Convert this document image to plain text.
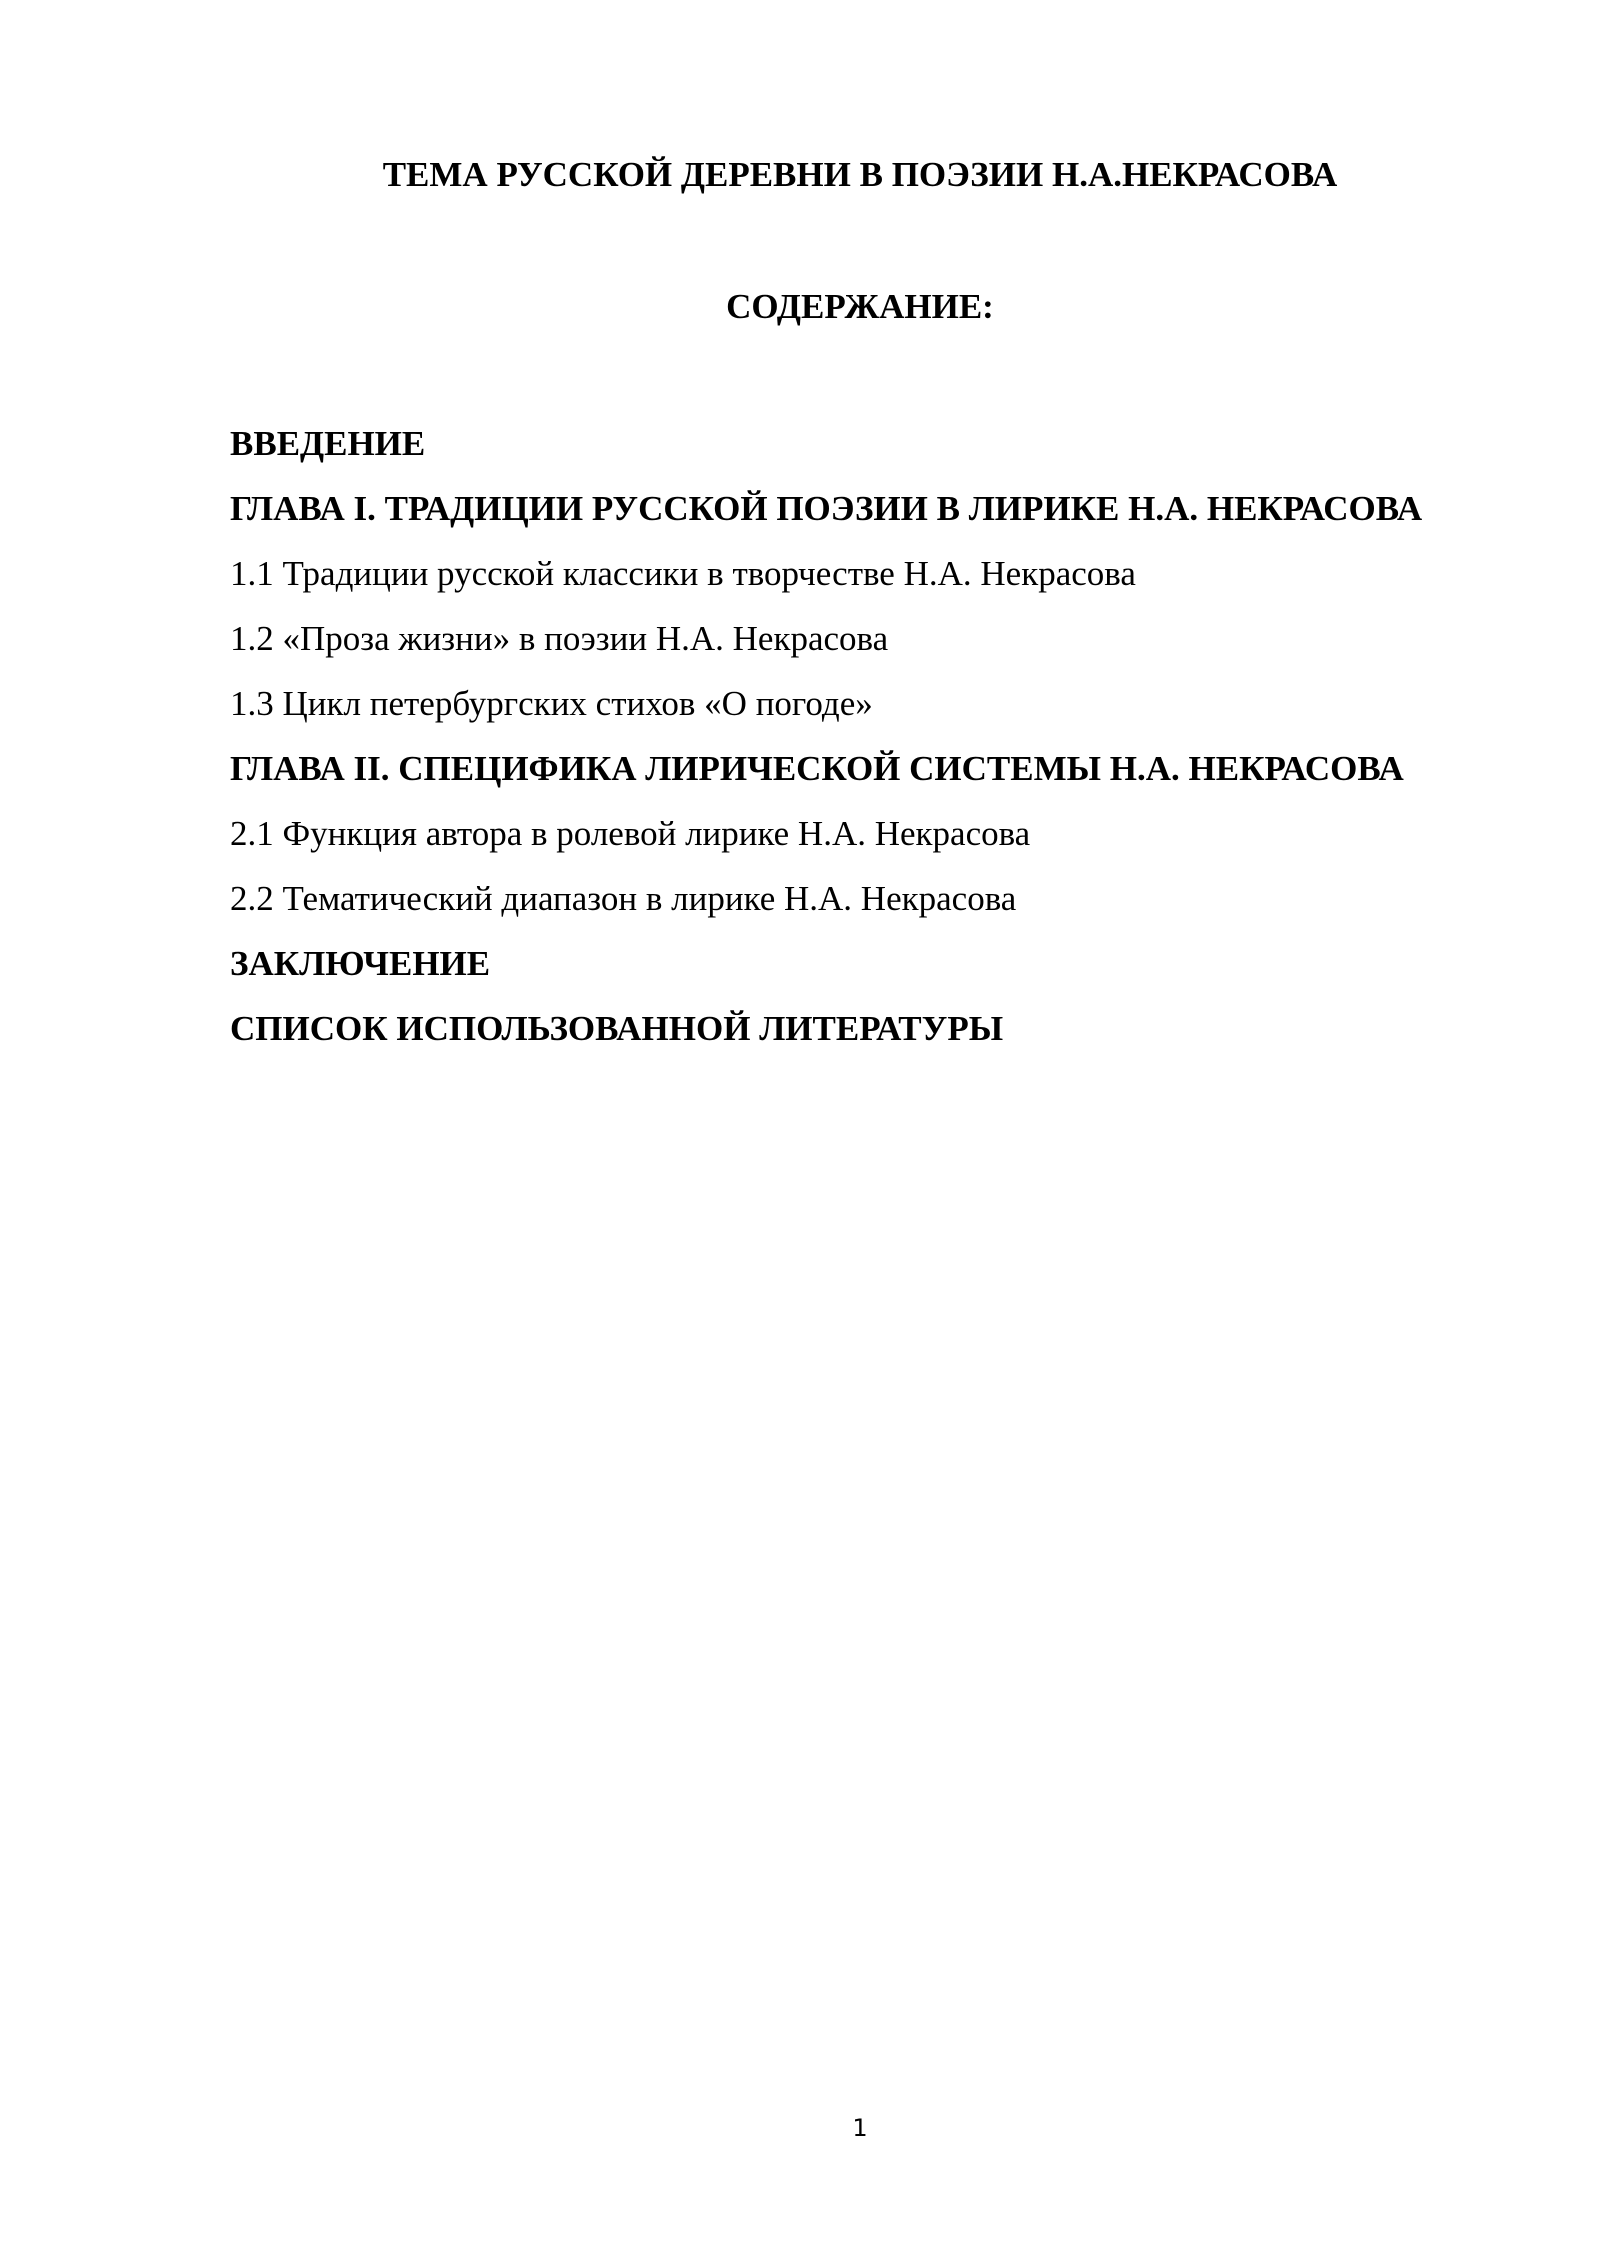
ТЕМА РУССКОЙ ДЕРЕВНИ В ПОЭЗИИ Н.А.НЕКРАСОВА
СОДЕРЖАНИЕ:
ВВЕДЕНИЕ
ГЛАВА I. ТРАДИЦИИ РУССКОЙ ПОЭЗИИ В ЛИРИКЕ Н.А. НЕКРАСОВА
1.1 Традиции русской классики в творчестве Н.А. Некрасова
1.2 «Проза жизни» в поэзии Н.А. Некрасова
1.3 Цикл петербургских стихов «О погоде»
ГЛАВА II. СПЕЦИФИКА ЛИРИЧЕСКОЙ СИСТЕМЫ Н.А. НЕКРАСОВА
2.1 Функция автора в ролевой лирике Н.А. Некрасова
2.2 Тематический диапазон в лирике Н.А. Некрасова
ЗАКЛЮЧЕНИЕ
СПИСОК ИСПОЛЬЗОВАННОЙ ЛИТЕРАТУРЫ
1
